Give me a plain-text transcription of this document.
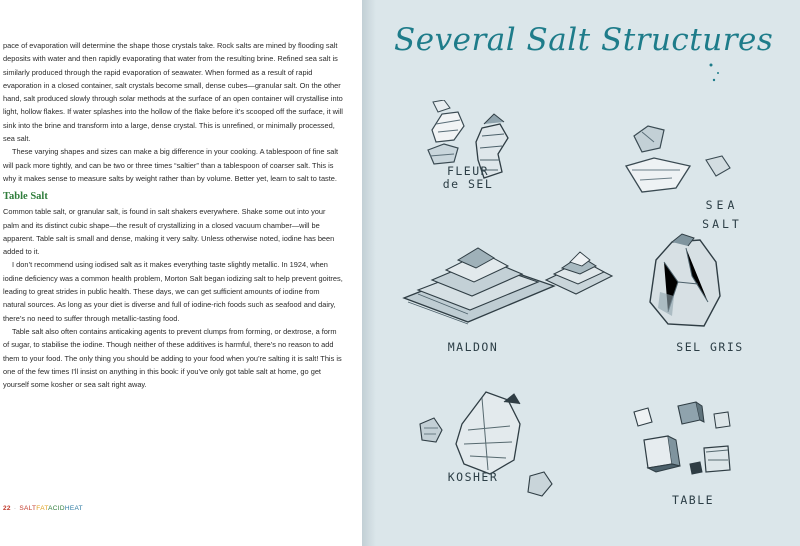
pace of evaporation will determine the shape those crystals take. Rock salts are mined by flooding salt deposits with water and then rapidly evaporating that water from the resulting brine. Refined sea salt is similarly produced through the rapid evaporation of seawater. When formed as a result of rapid evaporation in a closed container, salt crystals become small, dense cubes—granular salt. On the other hand, salt produced slowly through solar methods at the surface of an open container will crystallise into light, hollow flakes. If water splashes into the hollow of the flake before it’s scooped off the surface, it will sink into the brine and transform into a large, dense crystal. This is unrefined, or minimally processed, sea salt.

These varying shapes and sizes can make a big difference in your cooking. A tablespoon of fine salt will pack more tightly, and can be two or three times “saltier” than a tablespoon of coarser salt. This is why it makes sense to measure salts by weight rather than by volume. Better yet, learn to salt to taste.

Table Salt

Common table salt, or granular salt, is found in salt shakers everywhere. Shake some out into your palm and its distinct cubic shape—the result of crystallizing in a closed vacuum chamber—will be apparent. Table salt is small and dense, making it very salty. Unless otherwise noted, iodine has been added to it.

I don’t recommend using iodised salt as it makes everything taste slightly metallic. In 1924, when iodine deficiency was a common health problem, Morton Salt began iodizing salt to help prevent goitres, leading to great strides in public health. These days, we can get sufficient amounts of iodine from natural sources. As long as your diet is diverse and full of iodine-rich foods such as seafood and dairy, there’s no need to suffer through metallic-tasting food.

Table salt also often contains anticaking agents to prevent clumps from forming, or dextrose, a form of sugar, to stabilise the iodine. Though neither of these additives is harmful, there’s no reason to add them to your food. The only thing you should be adding to your food when you’re salting it is salt! This is one of the few times I’ll insist on anything in this book: if you’ve only got table salt at home, go get yourself some kosher or sea salt right away.

22 · SALTFATACIDHEAT
Several Salt Structures
FLEUR
de SEL
SEA
SALT
MALDON	SEL GRIS
KOSHER
TABLE
